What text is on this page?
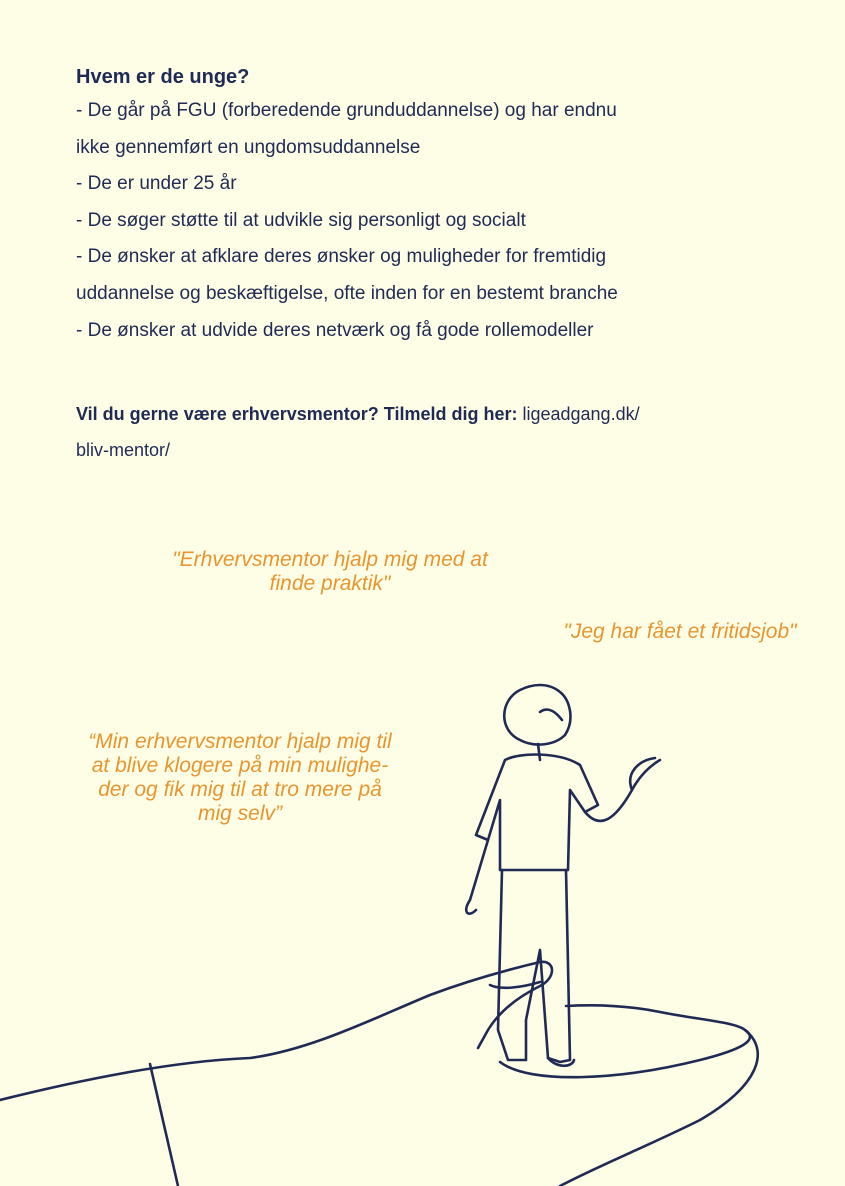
Hvem er de unge?

- De går på FGU (forberedende grunduddannelse) og har endnu

ikke gennemført en ungdomsuddannelse

- De er under 25 år

- De søger støtte til at udvikle sig personligt og socialt

- De ønsker at afklare deres ønsker og muligheder for fremtidig

uddannelse og beskæftigelse, ofte inden for en bestemt branche

- De ønsker at udvide deres netværk og få gode rollemodeller

Vil du gerne være erhvervsmentor? Tilmeld dig her: ligeadgang.dk/

bliv-mentor/

"Erhvervsmentor hjalp mig med at
finde praktik"
"Jeg har fået et fritidsjob"
“Min erhvervsmentor hjalp mig til
at blive klogere på min mulighe-
der og fik mig til at tro mere på
mig selv”
